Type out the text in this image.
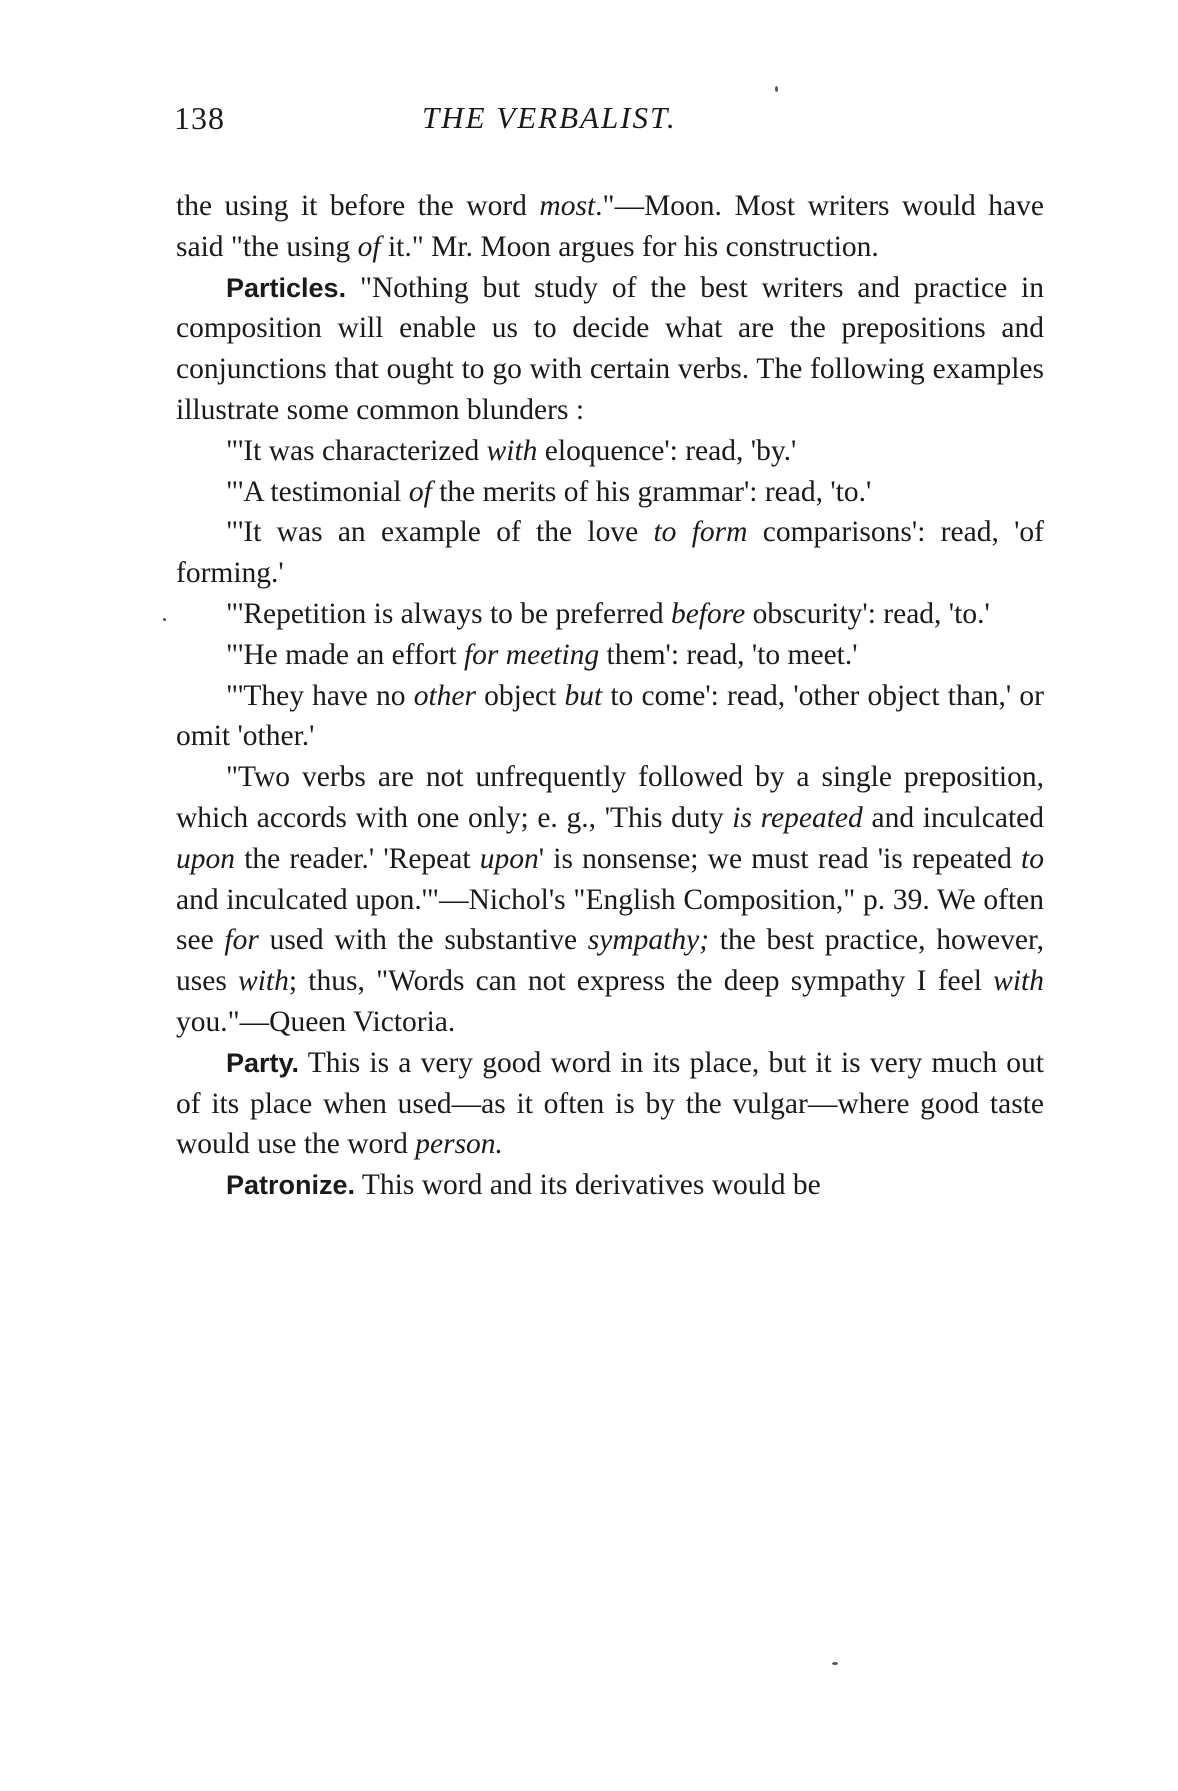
138	THE VERBALIST.

the using it before the word most."—Moon. Most writers would have said "the using of it." Mr. Moon argues for his construction.

Particles. "Nothing but study of the best writers and practice in composition will enable us to decide what are the prepositions and conjunctions that ought to go with certain verbs. The following examples illustrate some common blunders :

"'It was characterized with eloquence': read, 'by.'

"'A testimonial of the merits of his grammar': read, 'to.'

"'It was an example of the love to form comparisons': read, 'of forming.'

"'Repetition is always to be preferred before obscurity': read, 'to.'

"'He made an effort for meeting them': read, 'to meet.'

"'They have no other object but to come': read, 'other object than,' or omit 'other.'

"Two verbs are not unfrequently followed by a single preposition, which accords with one only; e. g., 'This duty is repeated and inculcated upon the reader.' 'Repeat upon' is nonsense; we must read 'is repeated to and inculcated upon.'"—Nichol's "English Composition," p. 39. We often see for used with the substantive sympathy; the best practice, however, uses with; thus, "Words can not express the deep sympathy I feel with you."—Queen Victoria.

Party. This is a very good word in its place, but it is very much out of its place when used—as it often is by the vulgar—where good taste would use the word person.

Patronize. This word and its derivatives would be
